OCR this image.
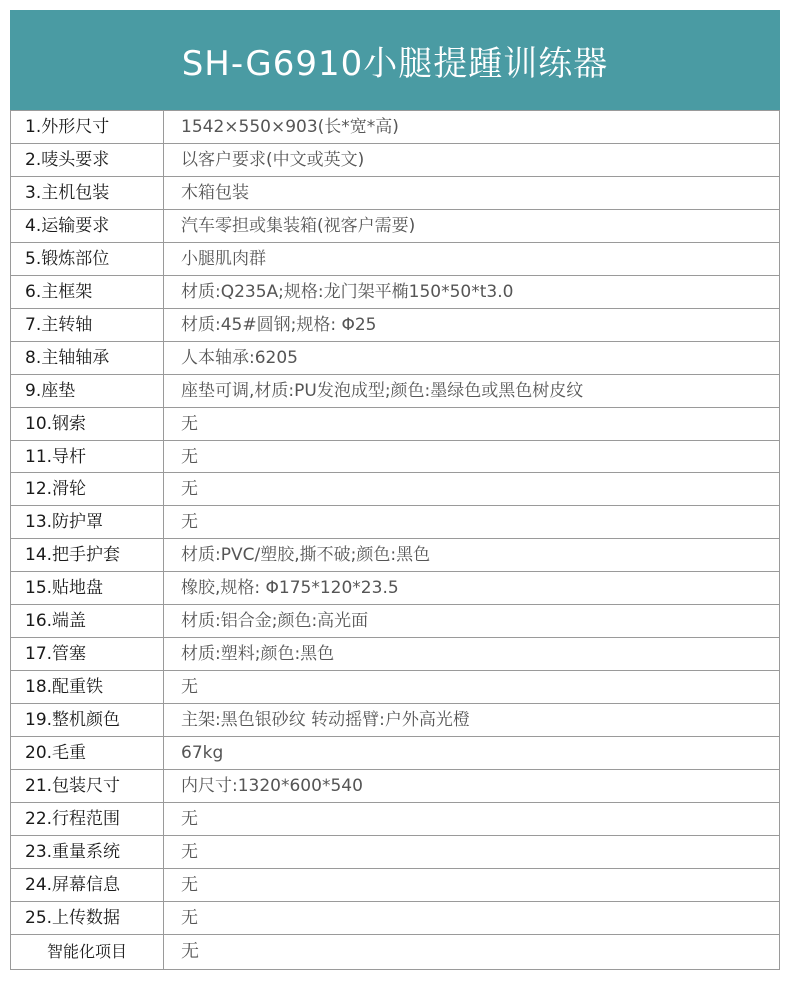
SH-G6910小腿提踵训练器
1.外形尺寸	1542×550×903(长*宽*高)
2.唛头要求	以客户要求(中文或英文)
3.主机包装	木箱包装
4.运输要求	汽车零担或集装箱(视客户需要)
5.锻炼部位	小腿肌肉群
6.主框架	材质:Q235A;规格:龙门架平椭150*50*t3.0
7.主转轴	材质:45#圆钢;规格: Φ25
8.主轴轴承	人本轴承:6205
9.座垫	座垫可调,材质:PU发泡成型;颜色:墨绿色或黑色树皮纹
10.钢索	无
11.导杆	无
12.滑轮	无
13.防护罩	无
14.把手护套	材质:PVC/塑胶,撕不破;颜色:黑色
15.贴地盘	橡胶,规格: Φ175*120*23.5
16.端盖	材质:铝合金;颜色:高光面
17.管塞	材质:塑料;颜色:黑色
18.配重铁	无
19.整机颜色	主架:黑色银砂纹 转动摇臂:户外高光橙
20.毛重	67kg
21.包装尺寸	内尺寸:1320*600*540
22.行程范围	无
23.重量系统	无
24.屏幕信息	无
25.上传数据	无
智能化项目	无
